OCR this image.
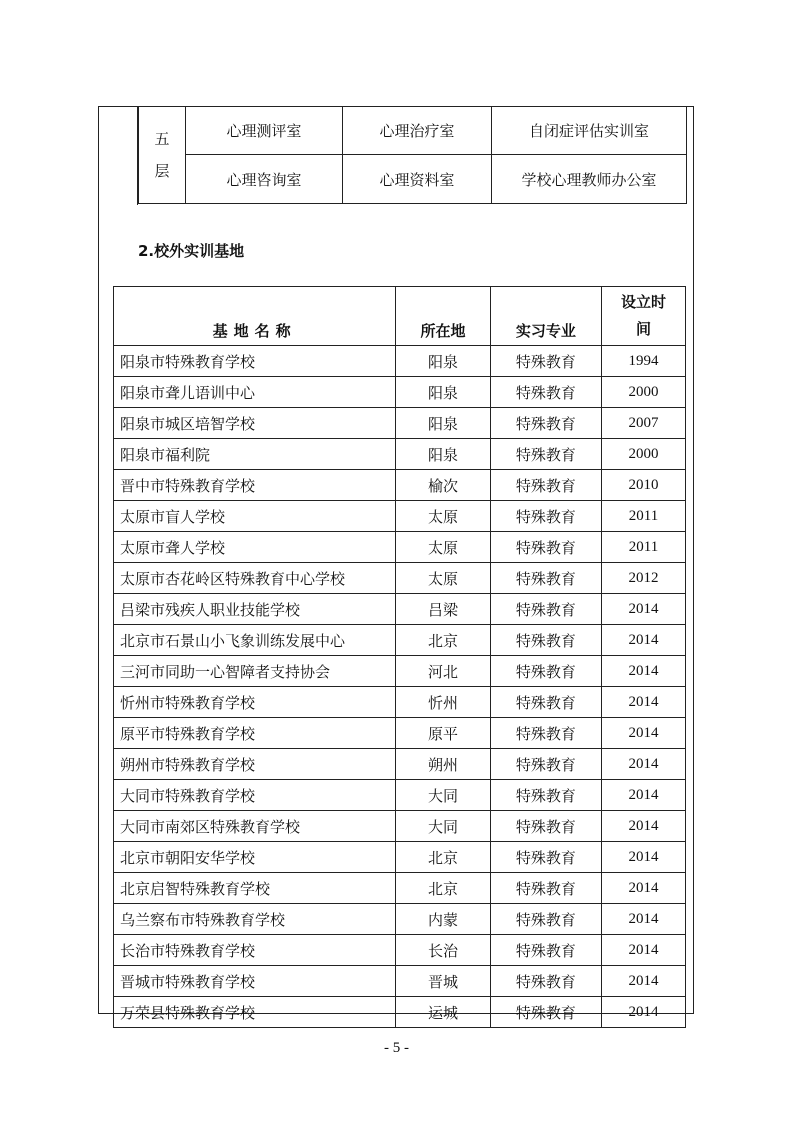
五层	心理测评室	心理治疗室	自闭症评估实训室
	心理咨询室	心理资料室	学校心理教师办公室
2.校外实训基地
基地名称	所在地	实习专业	设立时
间
阳泉市特殊教育学校	阳泉	特殊教育	1994
阳泉市聋儿语训中心	阳泉	特殊教育	2000
阳泉市城区培智学校	阳泉	特殊教育	2007
阳泉市福利院	阳泉	特殊教育	2000
晋中市特殊教育学校	榆次	特殊教育	2010
太原市盲人学校	太原	特殊教育	2011
太原市聋人学校	太原	特殊教育	2011
太原市杏花岭区特殊教育中心学校	太原	特殊教育	2012
吕梁市残疾人职业技能学校	吕梁	特殊教育	2014
北京市石景山小飞象训练发展中心	北京	特殊教育	2014
三河市同助一心智障者支持协会	河北	特殊教育	2014
忻州市特殊教育学校	忻州	特殊教育	2014
原平市特殊教育学校	原平	特殊教育	2014
朔州市特殊教育学校	朔州	特殊教育	2014
大同市特殊教育学校	大同	特殊教育	2014
大同市南郊区特殊教育学校	大同	特殊教育	2014
北京市朝阳安华学校	北京	特殊教育	2014
北京启智特殊教育学校	北京	特殊教育	2014
乌兰察布市特殊教育学校	内蒙	特殊教育	2014
长治市特殊教育学校	长治	特殊教育	2014
晋城市特殊教育学校	晋城	特殊教育	2014
万荣县特殊教育学校	运城	特殊教育	2014
- 5 -
